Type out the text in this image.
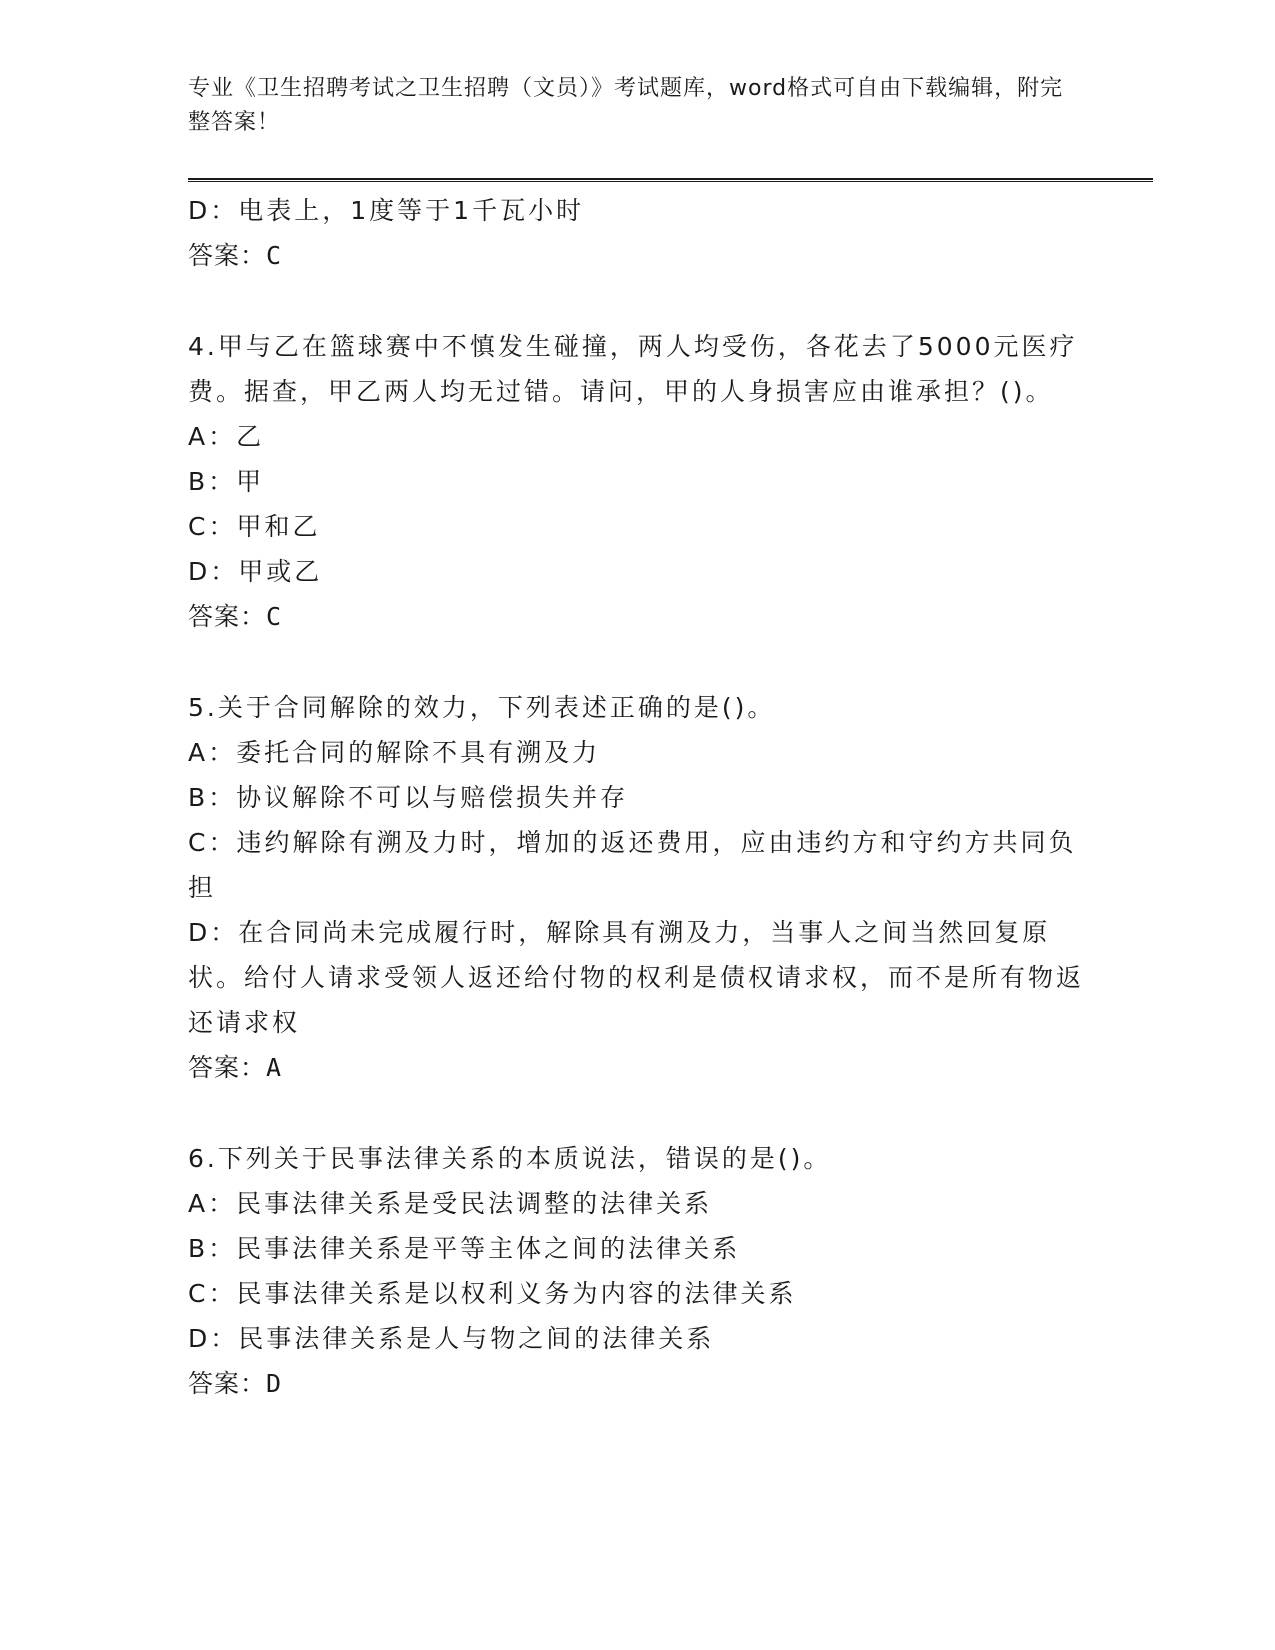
专业《卫生招聘考试之卫生招聘（文员）》考试题库，word格式可自由下载编辑，附完整答案！
D：电表上，1度等于1千瓦小时
答案：C
4.甲与乙在篮球赛中不慎发生碰撞，两人均受伤，各花去了5000元医疗费。据查，甲乙两人均无过错。请问，甲的人身损害应由谁承担？()。
A：乙
B：甲
C：甲和乙
D：甲或乙
答案：C
5.关于合同解除的效力，下列表述正确的是()。
A：委托合同的解除不具有溯及力
B：协议解除不可以与赔偿损失并存
C：违约解除有溯及力时，增加的返还费用，应由违约方和守约方共同负担
D：在合同尚未完成履行时，解除具有溯及力，当事人之间当然回复原状。给付人请求受领人返还给付物的权利是债权请求权，而不是所有物返还请求权
答案：A
6.下列关于民事法律关系的本质说法，错误的是()。
A：民事法律关系是受民法调整的法律关系
B：民事法律关系是平等主体之间的法律关系
C：民事法律关系是以权利义务为内容的法律关系
D：民事法律关系是人与物之间的法律关系
答案：D
